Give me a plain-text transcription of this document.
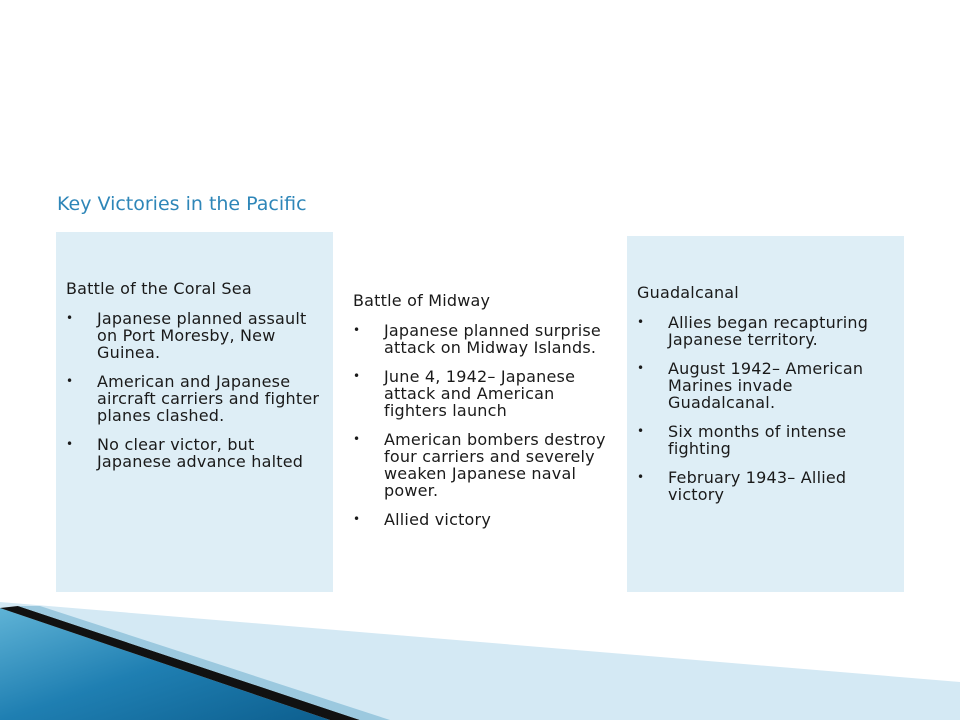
Key Victories in the Pacific
Battle of the Coral Sea
• Japanese planned assault on Port Moresby, New Guinea.
• American and Japanese aircraft carriers and fighter planes clashed.
• No clear victor, but Japanese advance halted
Battle of Midway
• Japanese planned surprise attack on Midway Islands.
• June 4, 1942– Japanese attack and American fighters launch
• American bombers destroy four carriers and severely weaken Japanese naval power.
• Allied victory
Guadalcanal
• Allies began recapturing Japanese territory.
• August 1942– American Marines invade Guadalcanal.
• Six months of intense fighting
• February 1943– Allied victory
